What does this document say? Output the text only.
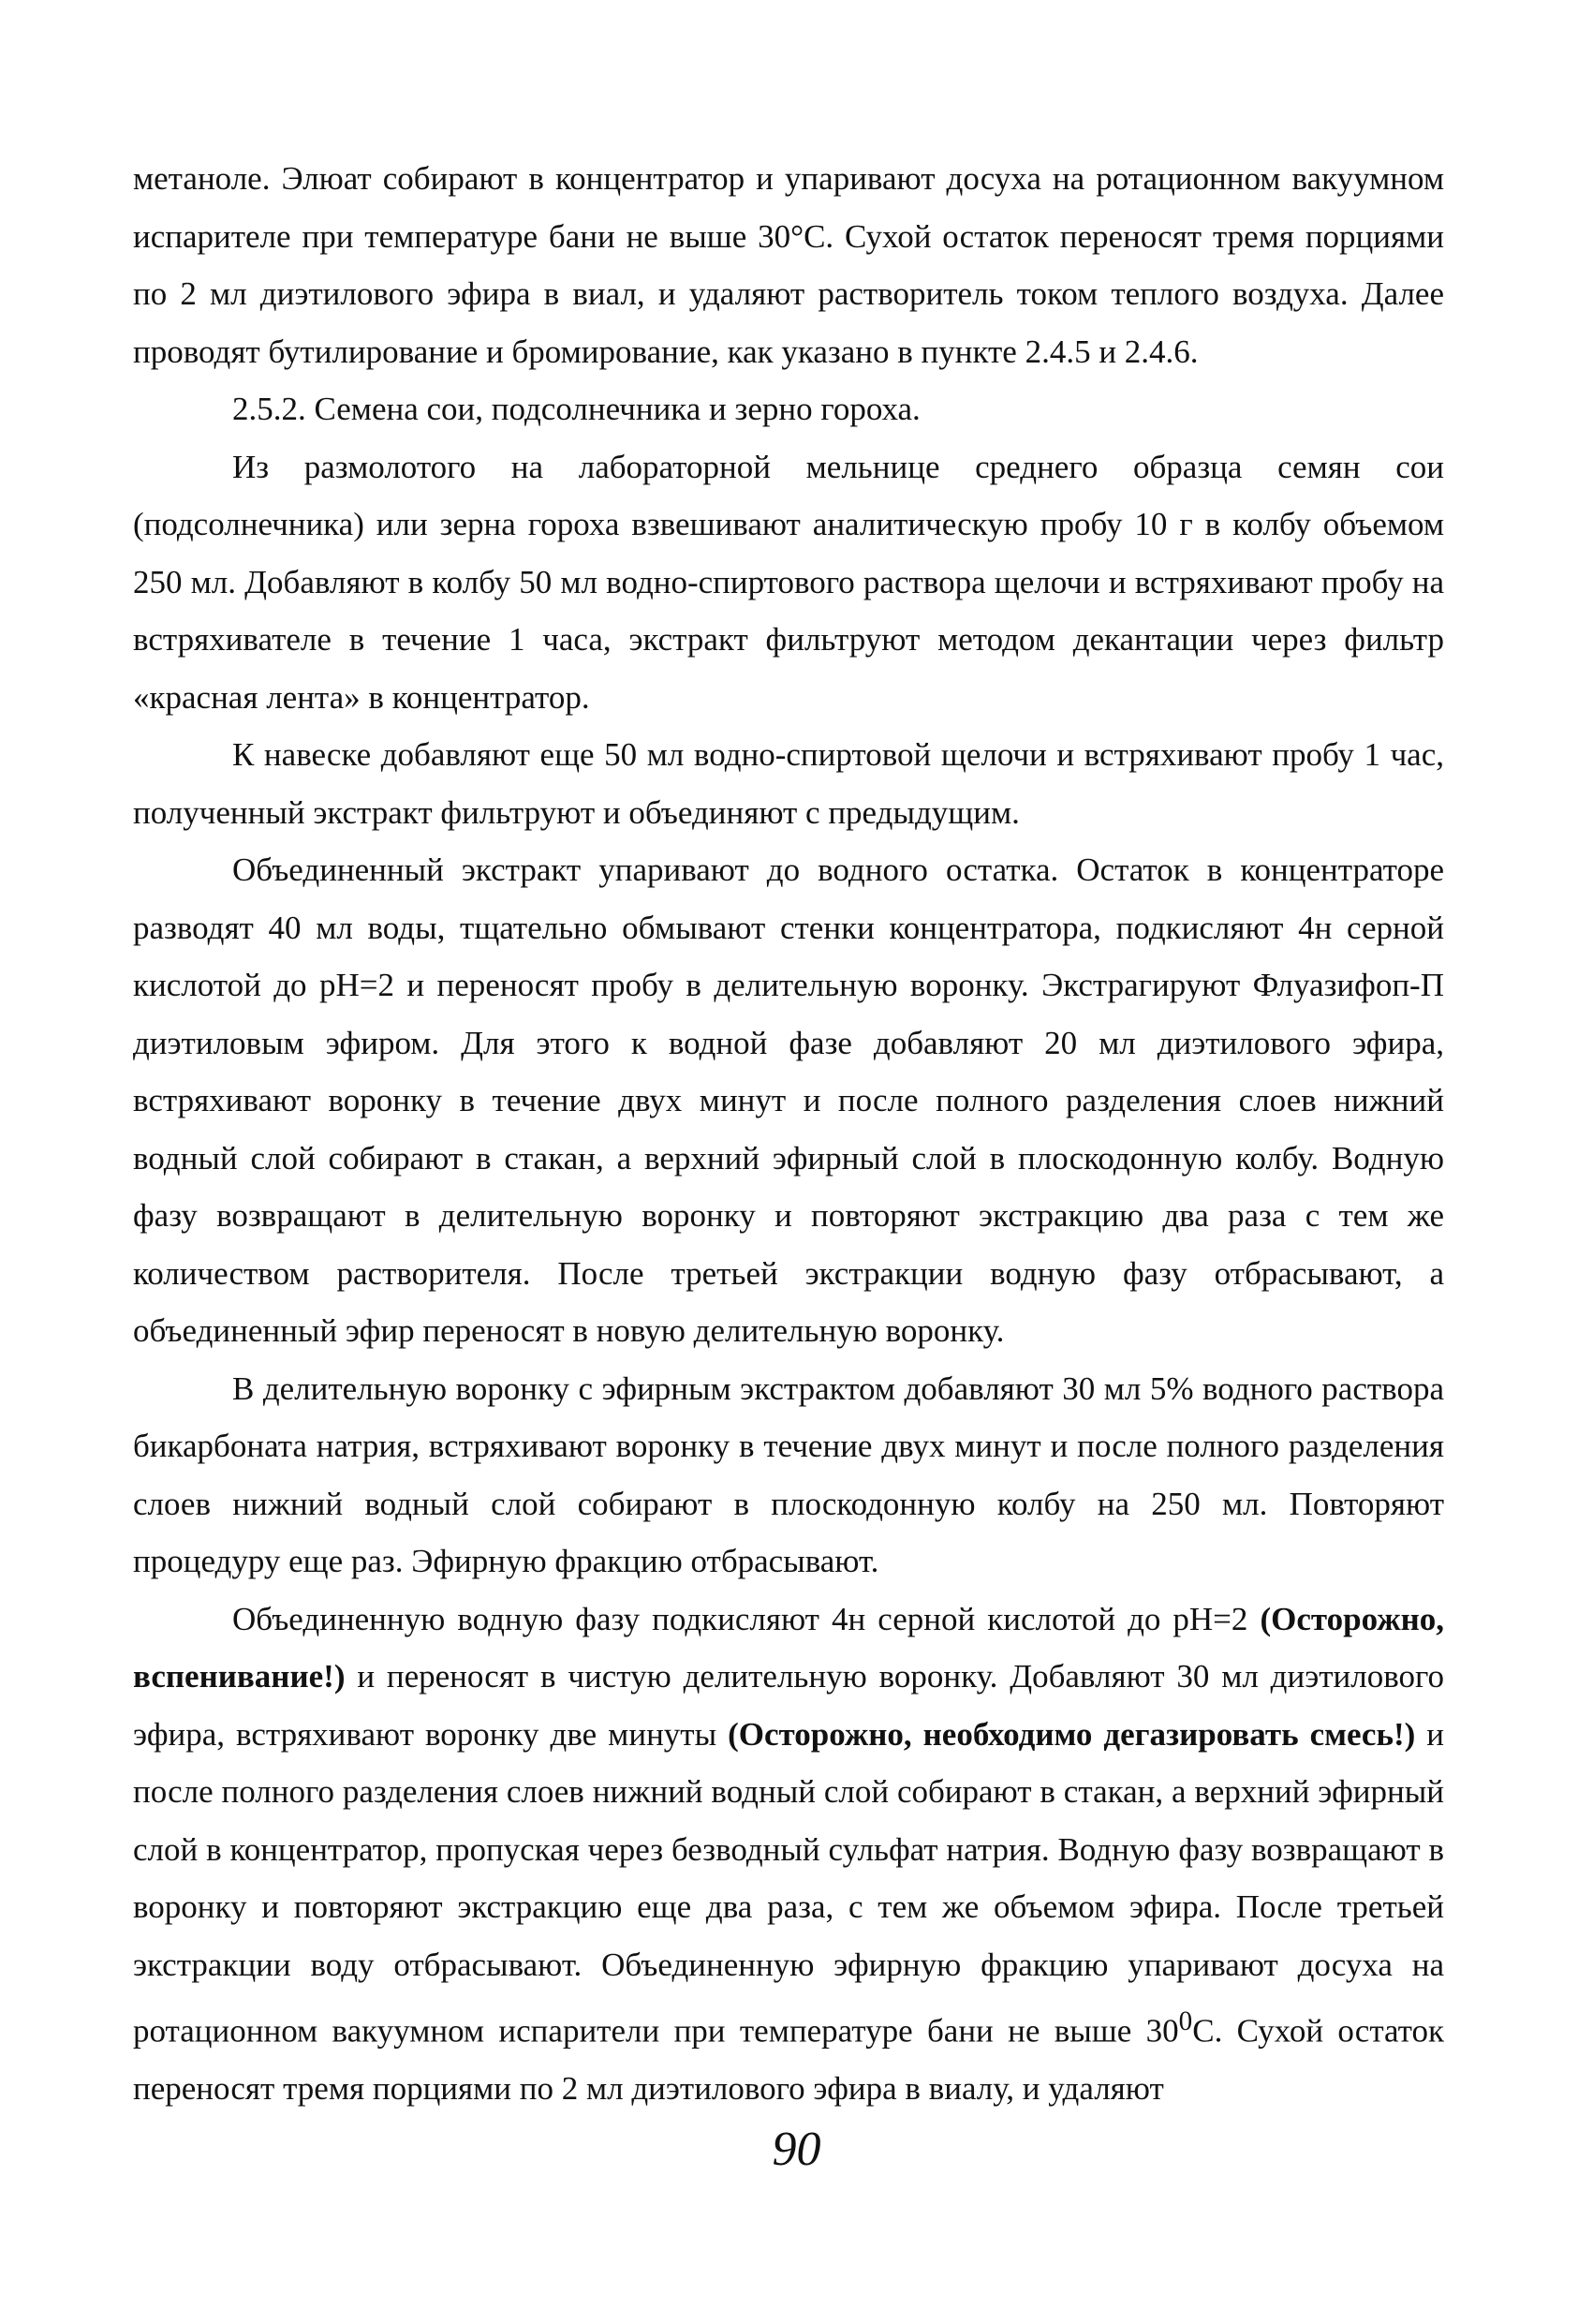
метаноле. Элюат собирают в концентратор и упаривают досуха на ротационном вакуумном испарителе при температуре бани не выше 30°С. Сухой остаток переносят тремя порциями по 2 мл диэтилового эфира в виал, и удаляют растворитель током теплого воздуха. Далее проводят бутилирование и бромирование, как указано в пункте 2.4.5 и 2.4.6.

2.5.2. Семена сои, подсолнечника и зерно гороха.

Из размолотого на лабораторной мельнице среднего образца семян сои (подсолнечника) или зерна гороха взвешивают аналитическую пробу 10 г в колбу объемом 250 мл. Добавляют в колбу 50 мл водно-спиртового раствора щелочи и встряхивают пробу на встряхивателе в течение 1 часа, экстракт фильтруют методом декантации через фильтр «красная лента» в концентратор.

К навеске добавляют еще 50 мл водно-спиртовой щелочи и встряхивают пробу 1 час, полученный экстракт фильтруют и объединяют с предыдущим.

Объединенный экстракт упаривают до водного остатка. Остаток в концентраторе разводят 40 мл воды, тщательно обмывают стенки концентратора, подкисляют 4н серной кислотой до pH=2 и переносят пробу в делительную воронку. Экстрагируют Флуазифоп-П диэтиловым эфиром. Для этого к водной фазе добавляют 20 мл диэтилового эфира, встряхивают воронку в течение двух минут и после полного разделения слоев нижний водный слой собирают в стакан, а верхний эфирный слой в плоскодонную колбу. Водную фазу возвращают в делительную воронку и повторяют экстракцию два раза с тем же количеством растворителя. После третьей экстракции водную фазу отбрасывают, а объединенный эфир переносят в новую делительную воронку.

В делительную воронку с эфирным экстрактом добавляют 30 мл 5% водного раствора бикарбоната натрия, встряхивают воронку в течение двух минут и после полного разделения слоев нижний водный слой собирают в плоскодонную колбу на 250 мл. Повторяют процедуру еще раз. Эфирную фракцию отбрасывают.

Объединенную водную фазу подкисляют 4н серной кислотой до pH=2 (Осторожно, вспенивание!) и переносят в чистую делительную воронку. Добавляют 30 мл диэтилового эфира, встряхивают воронку две минуты (Осторожно, необходимо дегазировать смесь!) и после полного разделения слоев нижний водный слой собирают в стакан, а верхний эфирный слой в концентратор, пропуская через безводный сульфат натрия. Водную фазу возвращают в воронку и повторяют экстракцию еще два раза, с тем же объемом эфира. После третьей экстракции воду отбрасывают. Объединенную эфирную фракцию упаривают досуха на ротационном вакуумном испарители при температуре бани не выше $30^0С$. Сухой остаток переносят тремя порциями по 2 мл диэтилового эфира в виалу, и удаляют

90
